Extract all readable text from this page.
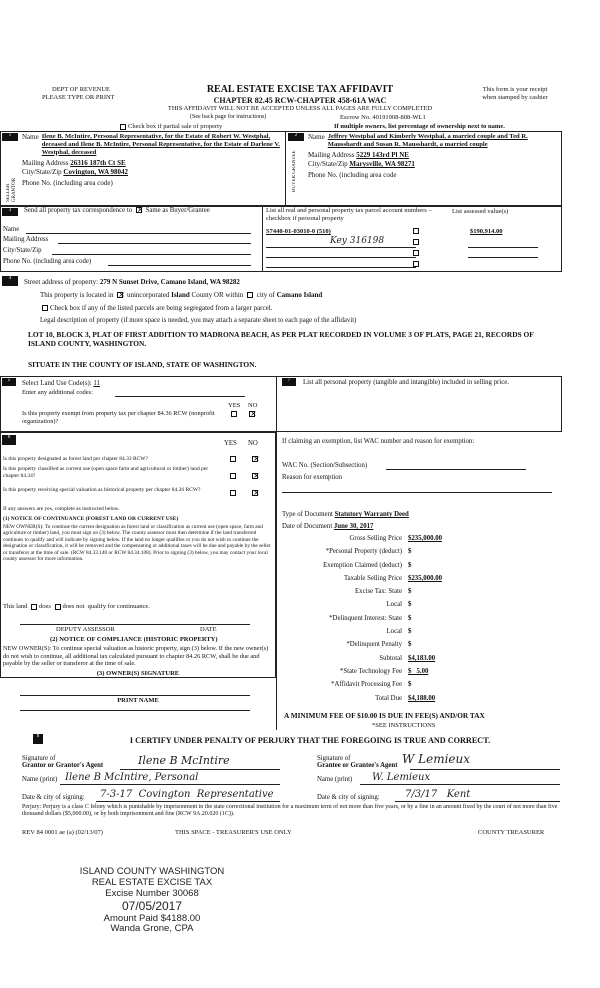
DEPT OF REVENUE
PLEASE TYPE OR PRINT
REAL ESTATE EXCISE TAX AFFIDAVIT
CHAPTER 82.45 RCW-CHAPTER 458-61A WAC
This form is your receipt
when stamped by cashier
THIS AFFIDAVIT WILL NOT BE ACCEPTED UNLESS ALL PAGES ARE FULLY COMPLETED
(See back page for instructions)	Escrow No. 40191908-808-WL1
Check box if partial sale of property	If multiple owners, list percentage of ownership next to name.
1
SELLER GRANTOR
Name Ilene B. McIntire, Personal Representative, for the Estate of Robert W. Westphal, deceased and Ilene B. McIntire, Personal Representative, for the Estate of Darlene V. Westphal, deceased
Mailing Address 26316 187th Ct SE
City/State/Zip Covington, WA 98042
Phone No. (including area code)
2
BUYER GRANTEE
Name Jeffrey Westphal and Kimberly Westphal, a married couple and Ted R. Mausshardt and Susan R. Mausshardt, a married couple
Mailing Address 5229 143rd Pl NE
City/State/Zip Marysville, WA 98271
Phone No. (including area code
3	Send all property tax correspondence to × Same as Buyer/Grantee
Name
Mailing Address
City/State/Zip
Phone No. (including area code)
List all real and personal property tax parcel account numbers – checkbox if personal property
List assessed value(s)
S7440-01-03010-0 (510)
Key 316198
$190,914.00
4	Street address of property: 279 N Sunset Drive, Camano Island, WA 98282
This property is located in × unincorporated Island County OR within city of Camano Island
Check box if any of the listed parcels are being segregated from a larger parcel.
Legal description of property (if more space is needed, you may attach a separate sheet to each page of the affidavit)
LOT 10, BLOCK 3, PLAT OF FIRST ADDITION TO MADRONA BEACH, AS PER PLAT RECORDED IN VOLUME 3 OF PLATS, PAGE 21, RECORDS OF ISLAND COUNTY, WASHINGTON.
SITUATE IN THE COUNTY OF ISLAND, STATE OF WASHINGTON.
5	Select Land Use Code(s): 11
Enter any additional codes:
YES NO
Is this property exempt from property tax per chapter 84.36 RCW (nonprofit organization)?
×
7	List all personal property (tangible and intangible) included in selling price.
6
YES NO
Is this property designated as forest land per chapter 84.33 RCW?
×
Is this property classified as current use (open space farm and agricultural or timber) land per chapter 84.34?
×
Is this property receiving special valuation as historical property per chapter 84.26 RCW?
×
If any answers are yes, complete as instructed below.
(1) NOTICE OF CONTINUANCE (FOREST LAND OR CURRENT USE)
NEW OWNER(S): To continue the current designation as forest land or classification as current use (open space, farm and agriculture or timber) land, you must sign on (3) below. The county assessor must then determine if the land transferred continues to qualify and will indicate by signing below. If the land no longer qualifies or you do not wish to continue the designation or classification, it will be removed and the compensating or additional taxes will be due and payable by the seller or transferor at the time of sale. (RCW 84.33.140 or RCW 84.34.108). Prior to signing (3) below, you may contact your local county assessor for more information.
This land does does not qualify for continuance.
DEPUTY ASSESSOR	DATE
(2) NOTICE OF COMPLIANCE (HISTORIC PROPERTY)
NEW OWNER(S): To continue special valuation as historic property, sign (3) below. If the new owner(s) do not wish to continue, all additional tax calculated pursuant to chapter 84.26 RCW, shall be due and payable by the seller or transferor at the time of sale.
(3) OWNER(S) SIGNATURE
PRINT NAME
If claiming an exemption, list WAC number and reason for exemption:
WAC No. (Section/Subsection)
Reason for exemption
Type of Document Statutory Warranty Deed
Date of Document June 30, 2017
Gross Selling Price $235,000.00
*Personal Property (deduct) $
Exemption Claimed (deduct) $
Taxable Selling Price $235,000.00
Excise Tax: State $
Local $
*Delinquent Interest: State $
Local $
*Delinquent Penalty $
Subtotal $4,183.00
*State Technology Fee $   5.00
*Affidavit Processing Fee $
Total Due $4,188.00
A MINIMUM FEE OF $10.00 IS DUE IN FEE(S) AND/OR TAX
*SEE INSTRUCTIONS
8	I CERTIFY UNDER PENALTY OF PERJURY THAT THE FOREGOING IS TRUE AND CORRECT.
Signature of
Grantor or Grantor's Agent	Ilene B McIntire
Name (print) Ilene B McIntire, Personal
Date & city of signing: 7-3-17  Covington  Representative
Signature of
Grantee or Grantee's Agent W Lemieux
Name (print) W. Lemieux
Date & city of signing:	7/3/17   Kent
Perjury: Perjury is a class C felony which is punishable by imprisonment in the state correctional institution for a maximum term of not more than five years, or by a fine in an amount fixed by the court of not more than five thousand dollars ($5,000.00), or by both imprisonment and fine (RCW 9A.20.020 (1C)).
REV 84 0001 ae (a) (02/13/07)	THIS SPACE - TREASURER'S USE ONLY	COUNTY TREASURER
ISLAND COUNTY WASHINGTON
REAL ESTATE EXCISE TAX
Excise Number 30068
07/05/2017
Amount Paid $4188.00
Wanda Grone, CPA
